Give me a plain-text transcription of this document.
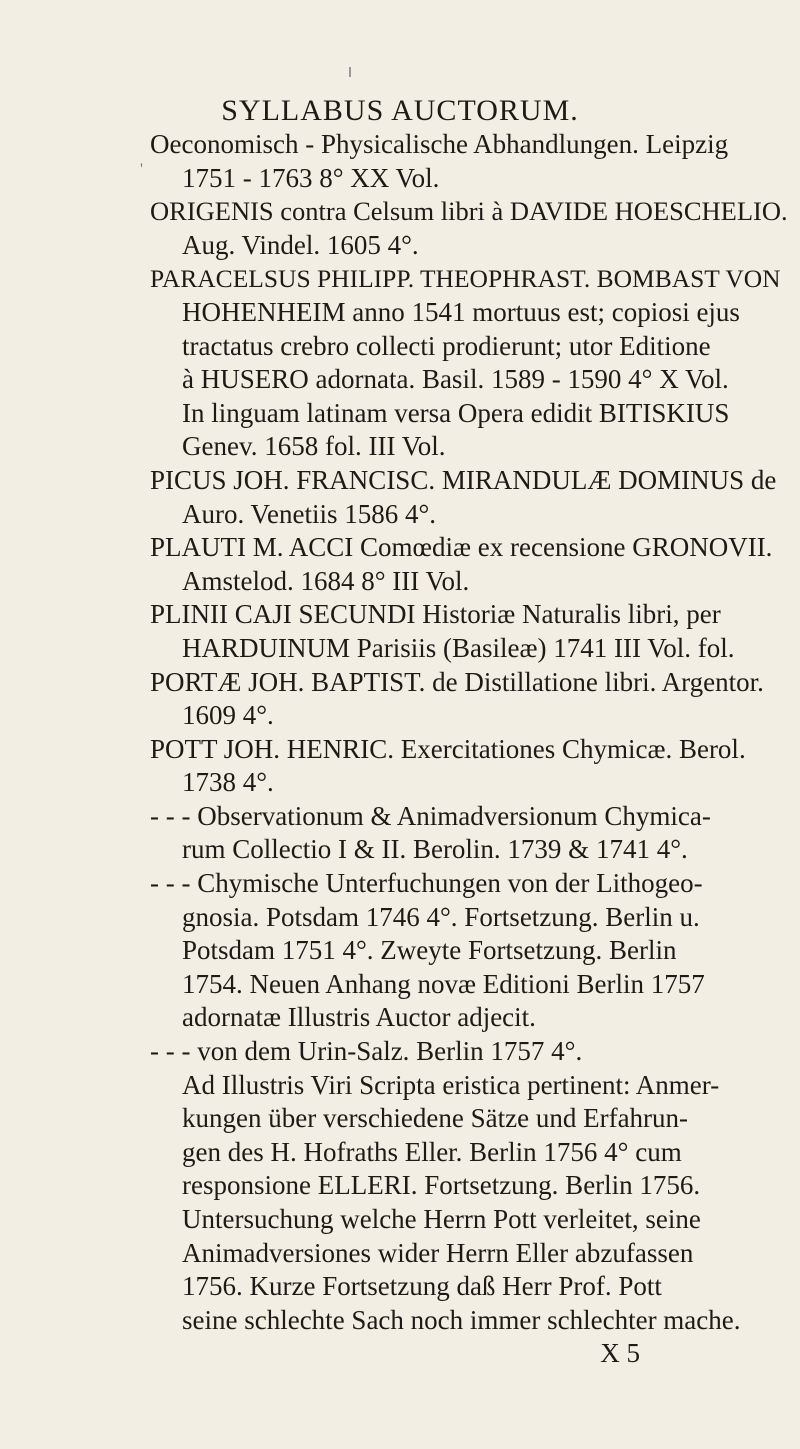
SYLLABUS AUCTORUM.
'
Oeconomisch - Physicalische Abhandlungen. Leipzig
1751 - 1763 8° XX Vol.
ORIGENIS contra Celsum libri à DAVIDE HOESCHELIO.
Aug. Vindel. 1605 4°.
PARACELSUS PHILIPP. THEOPHRAST. BOMBAST VON
HOHENHEIM anno 1541 mortuus est; copiosi ejus
tractatus crebro collecti prodierunt; utor Editione
à HUSERO adornata. Basil. 1589 - 1590 4° X Vol.
In linguam latinam versa Opera edidit BITISKIUS
Genev. 1658 fol. III Vol.
PICUS JOH. FRANCISC. MIRANDULÆ DOMINUS de
Auro. Venetiis 1586 4°.
PLAUTI M. ACCI Comœdiæ ex recensione GRONOVII.
Amstelod. 1684 8° III Vol.
PLINII CAJI SECUNDI Historiæ Naturalis libri, per
HARDUINUM Parisiis (Basileæ) 1741 III Vol. fol.
PORTÆ JOH. BAPTIST. de Distillatione libri. Argentor.
1609 4°.
POTT JOH. HENRIC. Exercitationes Chymicæ. Berol.
1738 4°.
- - - Observationum & Animadversionum Chymica-
rum Collectio I & II. Berolin. 1739 & 1741 4°.
- - - Chymische Unterfuchungen von der Lithogeo-
gnosia. Potsdam 1746 4°. Fortsetzung. Berlin u.
Potsdam 1751 4°. Zweyte Fortsetzung. Berlin
1754. Neuen Anhang novæ Editioni Berlin 1757
adornatæ Illustris Auctor adjecit.
- - - von dem Urin-Salz. Berlin 1757 4°.
Ad Illustris Viri Scripta eristica pertinent: Anmer-
kungen über verschiedene Sätze und Erfahrun-
gen des H. Hofraths Eller. Berlin 1756 4° cum
responsione ELLERI. Fortsetzung. Berlin 1756.
Untersuchung welche Herrn Pott verleitet, seine
Animadversiones wider Herrn Eller abzufassen
1756. Kurze Fortsetzung daß Herr Prof. Pott
seine schlechte Sach noch immer schlechter mache.
X 5
